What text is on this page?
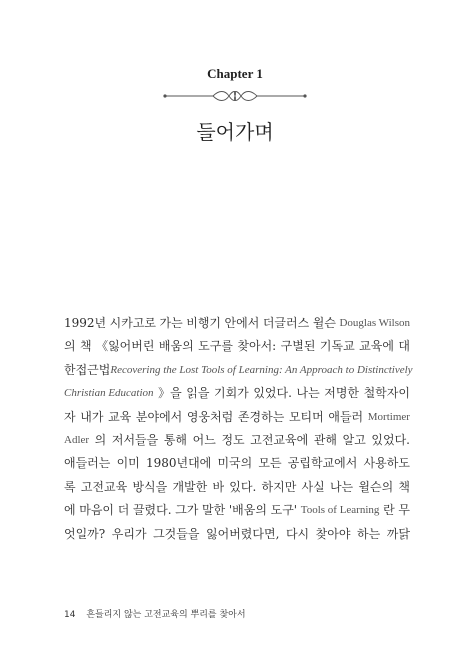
Chapter 1
들어가며
1992년 시카고로 가는 비행기 안에서 더글러스 윌슨 Douglas Wilson
의 책 《잃어버린 배움의 도구를 찾아서: 구별된 기독교 교육에 대
한 접근법 Recovering the Lost Tools of Learning: An Approach to Distinctively
Christian Education 》을 읽을 기회가 있었다. 나는 저명한 철학자이
자 내가 교육 분야에서 영웅처럼 존경하는 모티머 애들러 Mortimer
Adler 의 저서들을 통해 어느 정도 고전교육에 관해 알고 있었다.
애들러는 이미 1980년대에 미국의 모든 공립학교에서 사용하도
록 고전교육 방식을 개발한 바 있다. 하지만 사실 나는 윌슨의 책
에 마음이 더 끌렸다. 그가 말한 '배움의 도구' Tools of Learning 란 무
엇일까? 우리가 그것들을 잃어버렸다면, 다시 찾아야 하는 까닭
14 흔들리지 않는 고전교육의 뿌리를 찾아서
